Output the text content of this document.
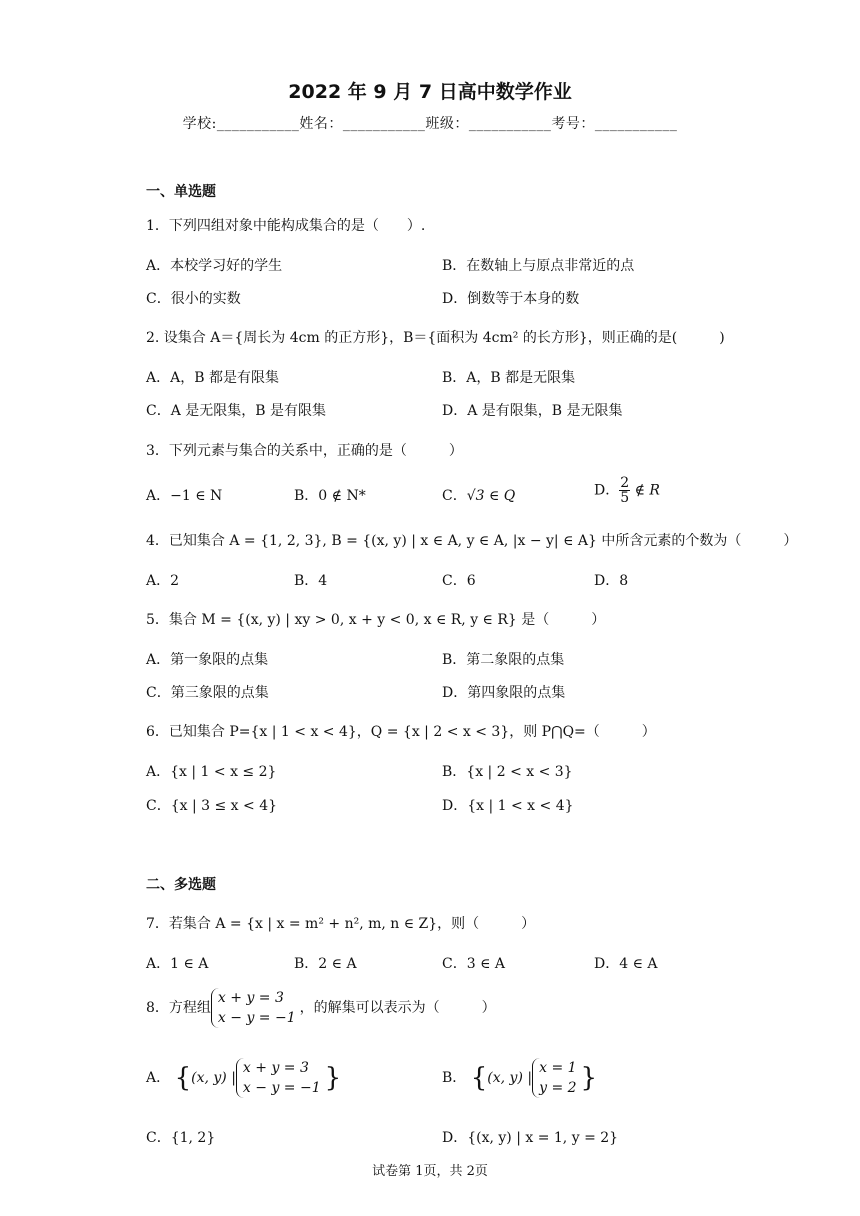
2022 年 9 月 7 日高中数学作业
学校:___________姓名：___________班级：___________考号：___________
一、单选题
1．下列四组对象中能构成集合的是（　　）.
A．本校学习好的学生	B．在数轴上与原点非常近的点
C．很小的实数	D．倒数等于本身的数
2. 设集合 A＝{周长为 4cm 的正方形}，B＝{面积为 4cm² 的长方形}，则正确的是(　　　)
A．A，B 都是有限集	B．A，B 都是无限集
C．A 是无限集，B 是有限集	D．A 是有限集，B 是无限集
3．下列元素与集合的关系中，正确的是（　　　）
A．−1 ∈ N	B．0 ∉ N*	C．√3 ∈ Q	D． $\frac{2}{5}$ ∉ R
4．已知集合 A = {1, 2, 3}, B = {(x, y) | x ∈ A, y ∈ A, |x − y| ∈ A} 中所含元素的个数为（　　　）
A．2	B．4	C．6	D．8
5．集合 M = {(x, y) | xy > 0, x + y < 0, x ∈ R, y ∈ R} 是（　　　）
A．第一象限的点集	B．第二象限的点集
C．第三象限的点集	D．第四象限的点集
6．已知集合 P={x | 1 < x < 4}，Q = {x | 2 < x < 3}，则 P⋂Q=（　　　）
A．{x | 1 < x ≤ 2}	B．{x | 2 < x < 3}
C．{x | 3 ≤ x < 4}	D．{x | 1 < x < 4}
二、多选题
7．若集合 A = {x | x = m² + n², m, n ∈ Z}，则（　　　）
A．1 ∈ A	B．2 ∈ A	C．3 ∈ A	D．4 ∈ A
8．方程组
x + y = 3
x − y = −1
，的解集可以表示为（　　　）
A． {(x, y) |
x + y = 3
x − y = −1 }	B． {(x, y) |
x = 1
y = 2 }
C．{1, 2}	D．{(x, y) | x = 1, y = 2}
试卷第 1页，共 2页
